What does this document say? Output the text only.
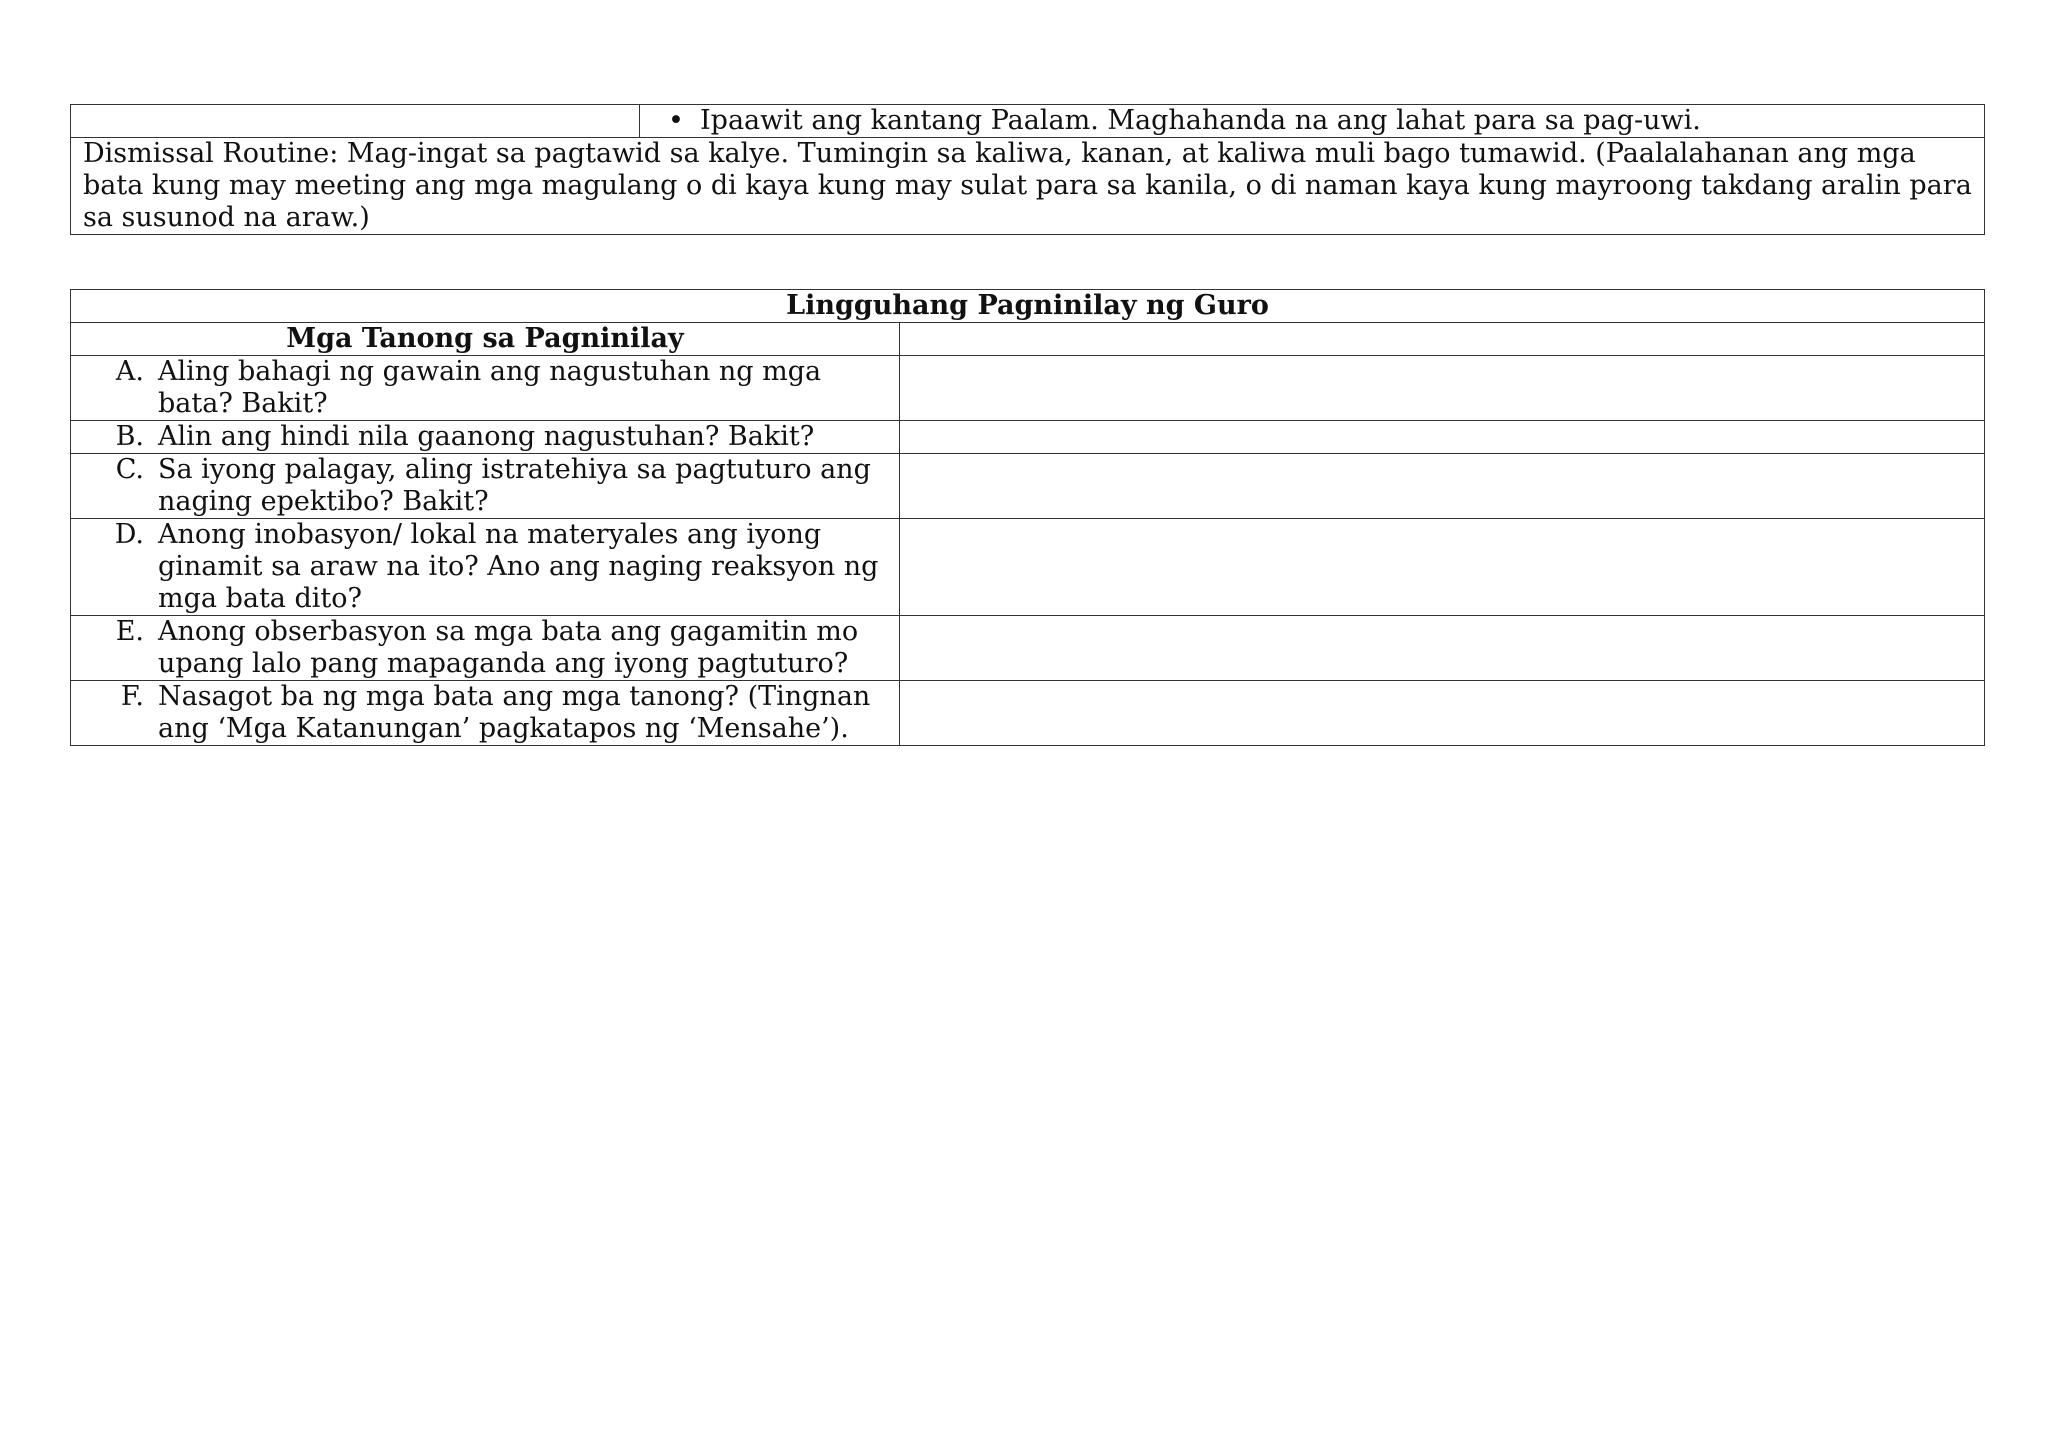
• Ipaawit ang kantang Paalam. Maghahanda na ang lahat para sa pag-uwi.
Dismissal Routine: Mag-ingat sa pagtawid sa kalye. Tumingin sa kaliwa, kanan, at kaliwa muli bago tumawid. (Paalalahanan ang mga bata kung may meeting ang mga magulang o di kaya kung may sulat para sa kanila, o di naman kaya kung mayroong takdang aralin para sa susunod na araw.)
Lingguhang Pagninilay ng Guro	
Mga Tanong sa Pagninilay	

A. Aling bahagi ng gawain ang nagustuhan ng mga bata? Bakit?	

B. Alin ang hindi nila gaanong nagustuhan? Bakit?	

C. Sa iyong palagay, aling istratehiya sa pagtuturo ang naging epektibo? Bakit?	

D. Anong inobasyon/ lokal na materyales ang iyong ginamit sa araw na ito? Ano ang naging reaksyon ng mga bata dito?	

E. Anong obserbasyon sa mga bata ang gagamitin mo upang lalo pang mapaganda ang iyong pagtuturo?	

F. Nasagot ba ng mga bata ang mga tanong? (Tingnan ang ‘Mga Katanungan’ pagkatapos ng ‘Mensahe’).	
